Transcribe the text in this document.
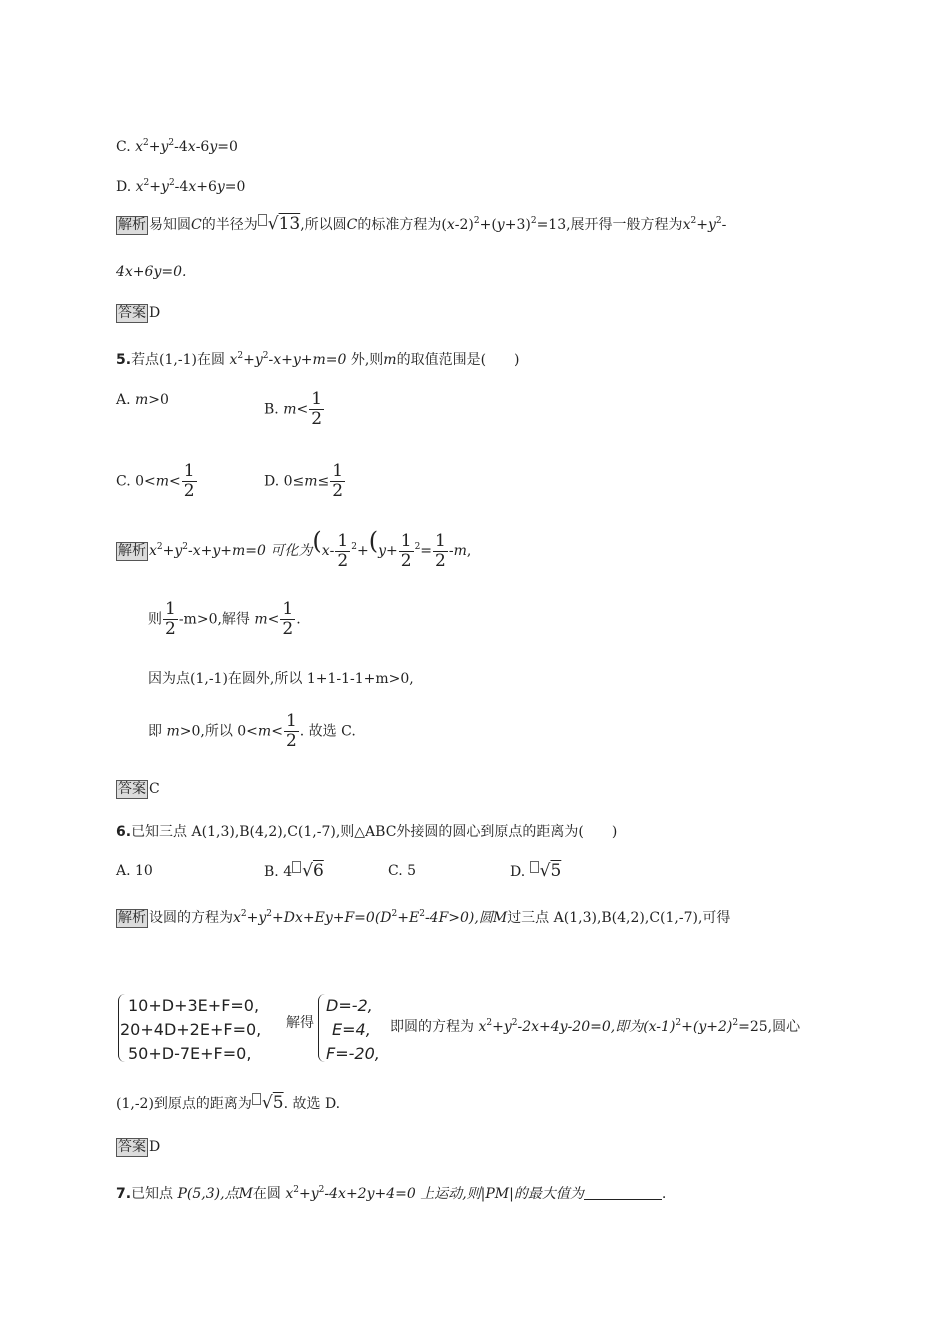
C. $x^2+y^2-4x-6y=0$
D. $x^2+y^2-4x+6y=0$
解析 易知圆C的半径为 √13,所以圆C的标准方程为$(x-2)^2+(y+3)^2=13$,展开得一般方程为$x^2+y^2-$
4x+6y=0.
答案 D
5.若点(1,-1)在圆 $x^2+y^2-x+y+m=0$ 外,则m的取值范围是(　　)
A. m>0
B. $m< \frac{1}{2}$
C. $0<m< \frac{1}{2}$	D. $0\le m\le \frac{1}{2}$
解析 $x^2+y^2-x+y+m=0$ 可化为($x- \frac{1}{2} ^2+(y+ \frac{1}{2} ^2= \frac{1}{2} -m$,
则 $\frac{1}{2} -m>0$,解得 $m< \frac{1}{2}$ .
因为点(1,-1)在圆外,所以 1+1-1-1+m>0,
即 m>0,所以 $0<m< \frac{1}{2}$ . 故选 C.
答案 C
6.已知三点 A(1,3),B(4,2),C(1,-7),则△ABC外接圆的圆心到原点的距离为(　　)
A. 10	B. 4 √6	C. 5	D. √5
解析 设圆的方程为$x^2+y^2+Dx+Ey+F=0(D^2+E^2-4F>0)$,圆M过三点 A(1,3),B(4,2),C(1,-7),可得
10+D+3E+F=0,
20+4D+2E+F=0,
50+D-7E+F=0,
解得
D=-2,
E=4,
F=-20,
即圆的方程为 $x^2+y^2-2x+4y-20=0$,即为$(x-1)^2+(y+2)^2=25$,圆心
(1,-2)到原点的距离为 √5. 故选 D.
答案 D
7.已知点 P(5,3),点M在圆 $x^2+y^2-4x+2y+4=0$ 上运动,则|PM|的最大值为	.
